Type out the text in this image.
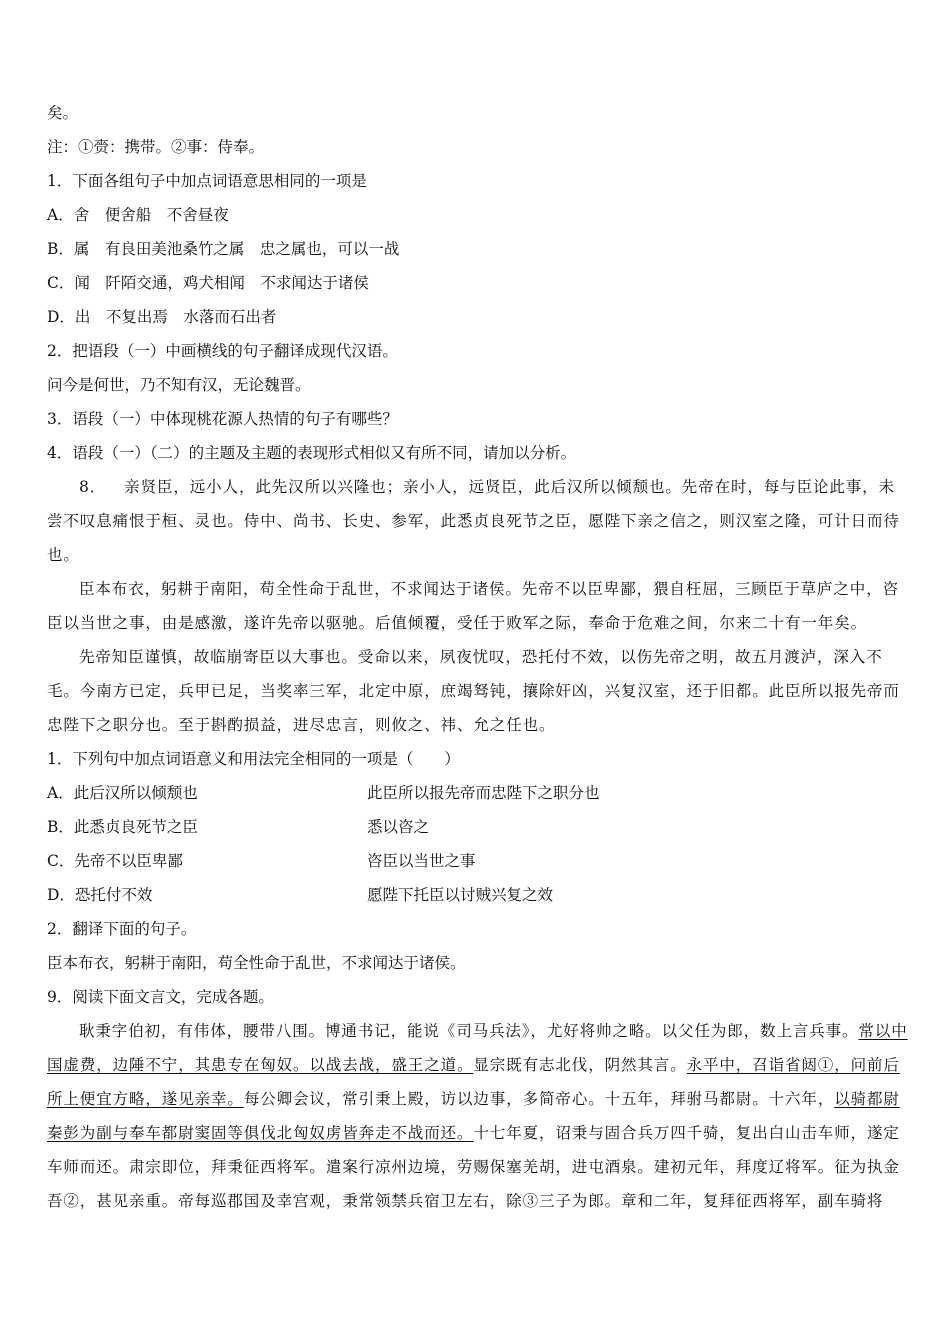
矣。
注：①赍：携带。②事：侍奉。
1．下面各组句子中加点词语意思相同的一项是
A．舍　便舍船　不舍昼夜
B．属　有良田美池桑竹之属　忠之属也，可以一战
C．闻　阡陌交通，鸡犬相闻　不求闻达于诸侯
D．出　不复出焉　水落而石出者
2．把语段（一）中画横线的句子翻译成现代汉语。
问今是何世，乃不知有汉，无论魏晋。
3．语段（一）中体现桃花源人热情的句子有哪些？
4．语段（一）（二）的主题及主题的表现形式相似又有所不同，请加以分析。
8． 亲贤臣，远小人，此先汉所以兴隆也；亲小人，远贤臣，此后汉所以倾颓也。先帝在时，每与臣论此事，未尝不叹息痛恨于桓、灵也。侍中、尚书、长史、参军，此悉贞良死节之臣，愿陛下亲之信之，则汉室之隆，可计日而待也。
臣本布衣，躬耕于南阳，苟全性命于乱世，不求闻达于诸侯。先帝不以臣卑鄙，猥自枉屈，三顾臣于草庐之中，咨臣以当世之事，由是感激，遂许先帝以驱驰。后值倾覆，受任于败军之际，奉命于危难之间，尔来二十有一年矣。
先帝知臣谨慎，故临崩寄臣以大事也。受命以来，夙夜忧叹，恐托付不效，以伤先帝之明，故五月渡泸，深入不毛。今南方已定，兵甲已足，当奖率三军，北定中原，庶竭驽钝，攘除奸凶，兴复汉室，还于旧都。此臣所以报先帝而忠陛下之职分也。至于斟酌损益，进尽忠言，则攸之、祎、允之任也。
1．下列句中加点词语意义和用法完全相同的一项是（　　）
A．此后汉所以倾颓也	此臣所以报先帝而忠陛下之职分也
B．此悉贞良死节之臣	悉以咨之
C．先帝不以臣卑鄙	咨臣以当世之事
D．恐托付不效	愿陛下托臣以讨贼兴复之效
2．翻译下面的句子。
臣本布衣，躬耕于南阳，苟全性命于乱世，不求闻达于诸侯。
9．阅读下面文言文，完成各题。
耿秉字伯初，有伟体，腰带八围。博通书记，能说《司马兵法》，尤好将帅之略。以父任为郎，数上言兵事。常以中国虚费，边陲不宁，其患专在匈奴。以战去战，盛王之道。显宗既有志北伐，阴然其言。永平中，召诣省闼①，问前后所上便宜方略，遂见亲幸。每公卿会议，常引秉上殿，访以边事，多简帝心。十五年，拜驸马都尉。十六年，以骑都尉秦彭为副与奉车都尉窦固等俱伐北匈奴虏皆奔走不战而还。十七年夏，诏秉与固合兵万四千骑，复出白山击车师，遂定车师而还。肃宗即位，拜秉征西将军。遣案行凉州边境，劳赐保塞羌胡，进屯酒泉。建初元年，拜度辽将军。征为执金吾②，甚见亲重。帝每巡郡国及幸宫观，秉常领禁兵宿卫左右，除③三子为郎。章和二年，复拜征西将军，副车骑将
